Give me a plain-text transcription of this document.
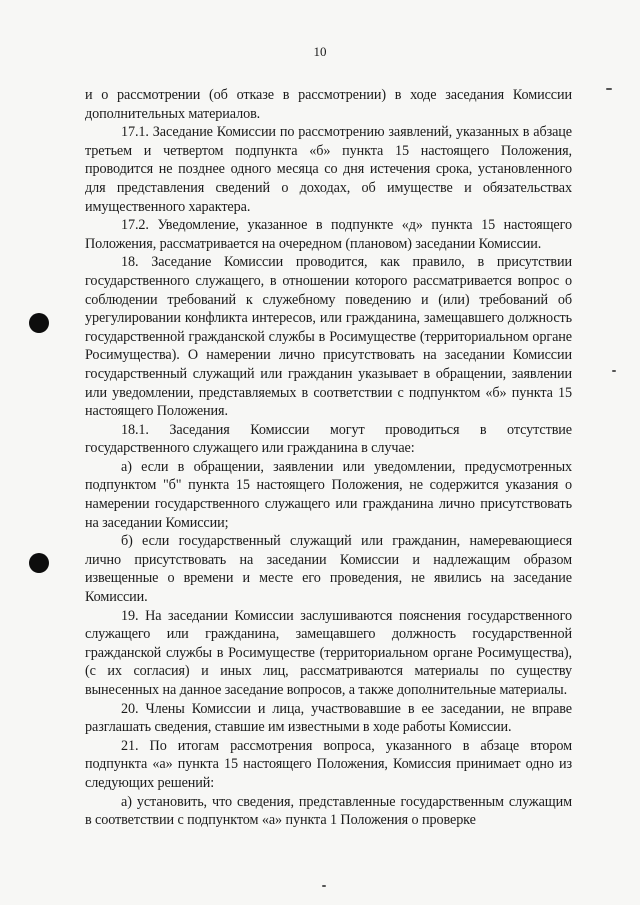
10

и о рассмотрении (об отказе в рассмотрении) в ходе заседания Комиссии дополнительных материалов.

17.1. Заседание Комиссии по рассмотрению заявлений, указанных в абзаце третьем и четвертом подпункта «б» пункта 15 настоящего Положения, проводится не позднее одного месяца со дня истечения срока, установленного для представления сведений о доходах, об имуществе и обязательствах имущественного характера.

17.2. Уведомление, указанное в подпункте «д» пункта 15 настоящего Положения, рассматривается на очередном (плановом) заседании Комиссии.

18. Заседание Комиссии проводится, как правило, в присутствии государственного служащего, в отношении которого рассматривается вопрос о соблюдении требований к служебному поведению и (или) требований об урегулировании конфликта интересов, или гражданина, замещавшего должность государственной гражданской службы в Росимуществе (территориальном органе Росимущества). О намерении лично присутствовать на заседании Комиссии государственный служащий или гражданин указывает в обращении, заявлении или уведомлении, представляемых в соответствии с подпунктом «б» пункта 15 настоящего Положения.

18.1. Заседания Комиссии могут проводиться в отсутствие государственного служащего или гражданина в случае:

а) если в обращении, заявлении или уведомлении, предусмотренных подпунктом "б" пункта 15 настоящего Положения, не содержится указания о намерении государственного служащего или гражданина лично присутствовать на заседании Комиссии;

б) если государственный служащий или гражданин, намеревающиеся лично присутствовать на заседании Комиссии и надлежащим образом извещенные о времени и месте его проведения, не явились на заседание Комиссии.

19. На заседании Комиссии заслушиваются пояснения государственного служащего или гражданина, замещавшего должность государственной гражданской службы в Росимуществе (территориальном органе Росимущества), (с их согласия) и иных лиц, рассматриваются материалы по существу вынесенных на данное заседание вопросов, а также дополнительные материалы.

20. Члены Комиссии и лица, участвовавшие в ее заседании, не вправе разглашать сведения, ставшие им известными в ходе работы Комиссии.

21. По итогам рассмотрения вопроса, указанного в абзаце втором подпункта «а» пункта 15 настоящего Положения, Комиссия принимает одно из следующих решений:

а) установить, что сведения, представленные государственным служащим в соответствии с подпунктом «а» пункта 1 Положения о проверке
